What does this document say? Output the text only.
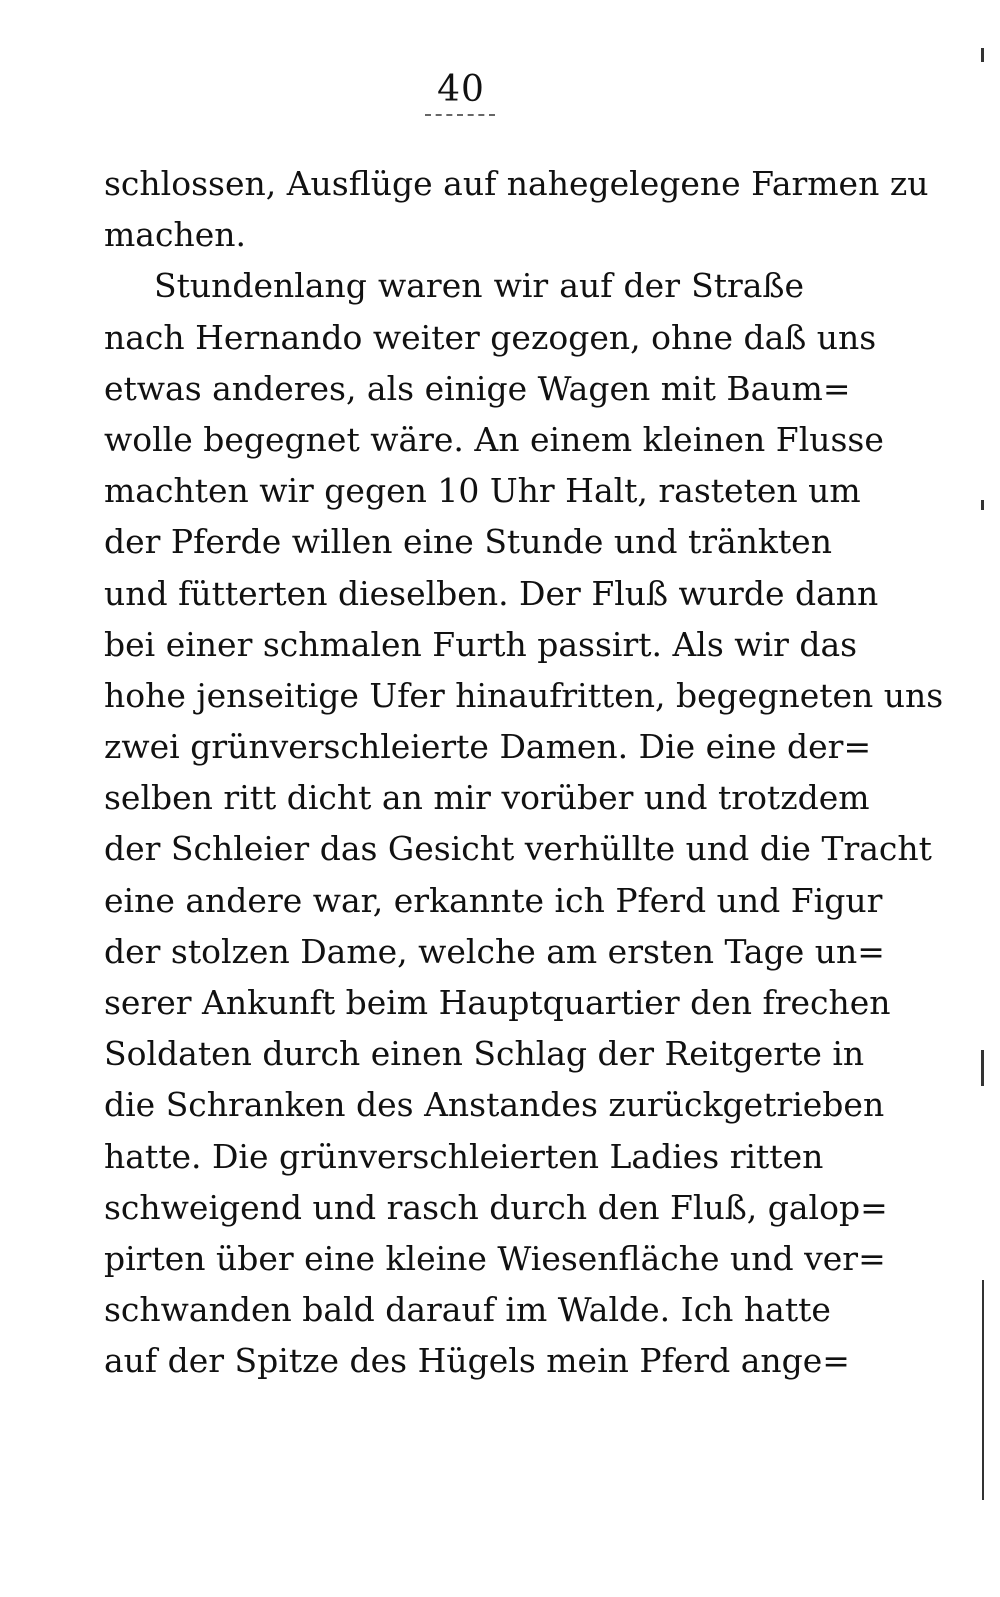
40
schlossen, Ausflüge auf nahegelegene Farmen zu
machen.
Stundenlang waren wir auf der Straße
nach Hernando weiter gezogen, ohne daß uns
etwas anderes, als einige Wagen mit Baum=
wolle begegnet wäre. An einem kleinen Flusse
machten wir gegen 10 Uhr Halt, rasteten um
der Pferde willen eine Stunde und tränkten
und fütterten dieselben. Der Fluß wurde dann
bei einer schmalen Furth passirt. Als wir das
hohe jenseitige Ufer hinaufritten, begegneten uns
zwei grünverschleierte Damen. Die eine der=
selben ritt dicht an mir vorüber und trotzdem
der Schleier das Gesicht verhüllte und die Tracht
eine andere war, erkannte ich Pferd und Figur
der stolzen Dame, welche am ersten Tage un=
serer Ankunft beim Hauptquartier den frechen
Soldaten durch einen Schlag der Reitgerte in
die Schranken des Anstandes zurückgetrieben
hatte. Die grünverschleierten Ladies ritten
schweigend und rasch durch den Fluß, galop=
pirten über eine kleine Wiesenfläche und ver=
schwanden bald darauf im Walde. Ich hatte
auf der Spitze des Hügels mein Pferd ange=
